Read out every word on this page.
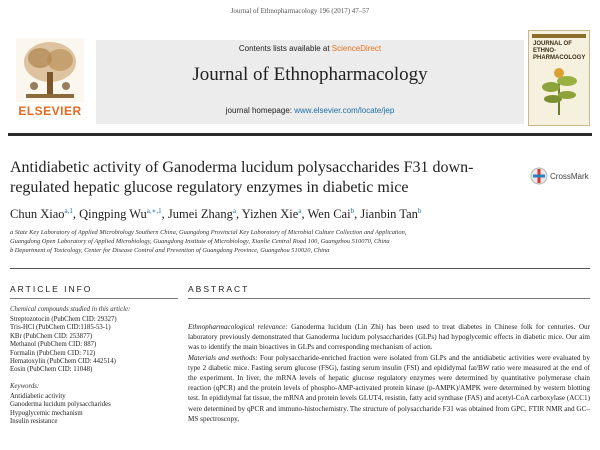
Journal of Ethnopharmacology 196 (2017) 47–57
ELSEVIER
Contents lists available at ScienceDirect
Journal of Ethnopharmacology
journal homepage: www.elsevier.com/locate/jep
JOURNAL OF
ETHNO-
PHARMACOLOGY
Antidiabetic activity of Ganoderma lucidum polysaccharides F31 down-
regulated hepatic glucose regulatory enzymes in diabetic mice
CrossMark
Chun Xiao$^{a,1}$, Qingping $Wu^{a,∗,1}$, Jumei Zhang$^a$, Yizhen Xie$^a$, Wen Cai$^b$, Jianbin Tan$^b$
a State Key Laboratory of Applied Microbiology Southern China, Guangdong Provincial Key Laboratory of Microbial Culture Collection and Application,
Guangdong Open Laboratory of Applied Microbiology, Guangdong Institute of Microbiology, Xianlie Central Road 100, Guangzhou 510070, China
b Department of Toxicology, Center for Disease Control and Prevention of Guangdong Province, Guangzhou 510020, China
ARTICLE INFO	ABSTRACT
Chemical compounds studied in this article:
Streptozotocin (PubChem CID: 29327)
Tris-HCl (PubChem CID:1185-53-1)
KBr (PubChem CID: 253877)
Methanol (PubChem CID: 887)
Formalin (PubChem CID: 712)
Hematoxylin (PubChem CID: 442514)
Eosin (PubChem CID: 11048)
Keywords:
Antidiabetic activity
Ganoderma lucidum polysaccharides
Hypoglycemic mechanism
Insulin resistance

Ethnopharmacological relevance: Ganoderma lucidum (Lin Zhi) has been used to treat diabetes in Chinese folk for centuries. Our laboratory previously demonstrated that Ganoderma lucidum polysaccharides (GLPs) had hypoglycemic effects in diabetic mice. Our aim was to identify the main bioactives in GLPs and corresponding mechanism of action.

Materials and methods: Four polysaccharide-enriched fraction were isolated from GLPs and the antidiabetic activities were evaluated by type 2 diabetic mice. Fasting serum glucose (FSG), fasting serum insulin (FSI) and epididymal fat/BW ratio were measured at the end of the experiment. In liver, the mRNA levels of hepatic glucose regulatory enzymes were determined by quantitative polymerase chain reaction (qPCR) and the protein levels of phospho-AMP-activated protein kinase (p-AMPK)/AMPK were determined by western blotting test. In epididymal fat tissue, the mRNA and protein levels GLUT4, resistin, fatty acid synthase (FAS) and acetyl-CoA carboxylase (ACC1) were determined by qPCR and immuno-histochemistry. The structure of polysaccharide F31 was obtained from GPC, FTIR NMR and GC–MS spectroscopy,
